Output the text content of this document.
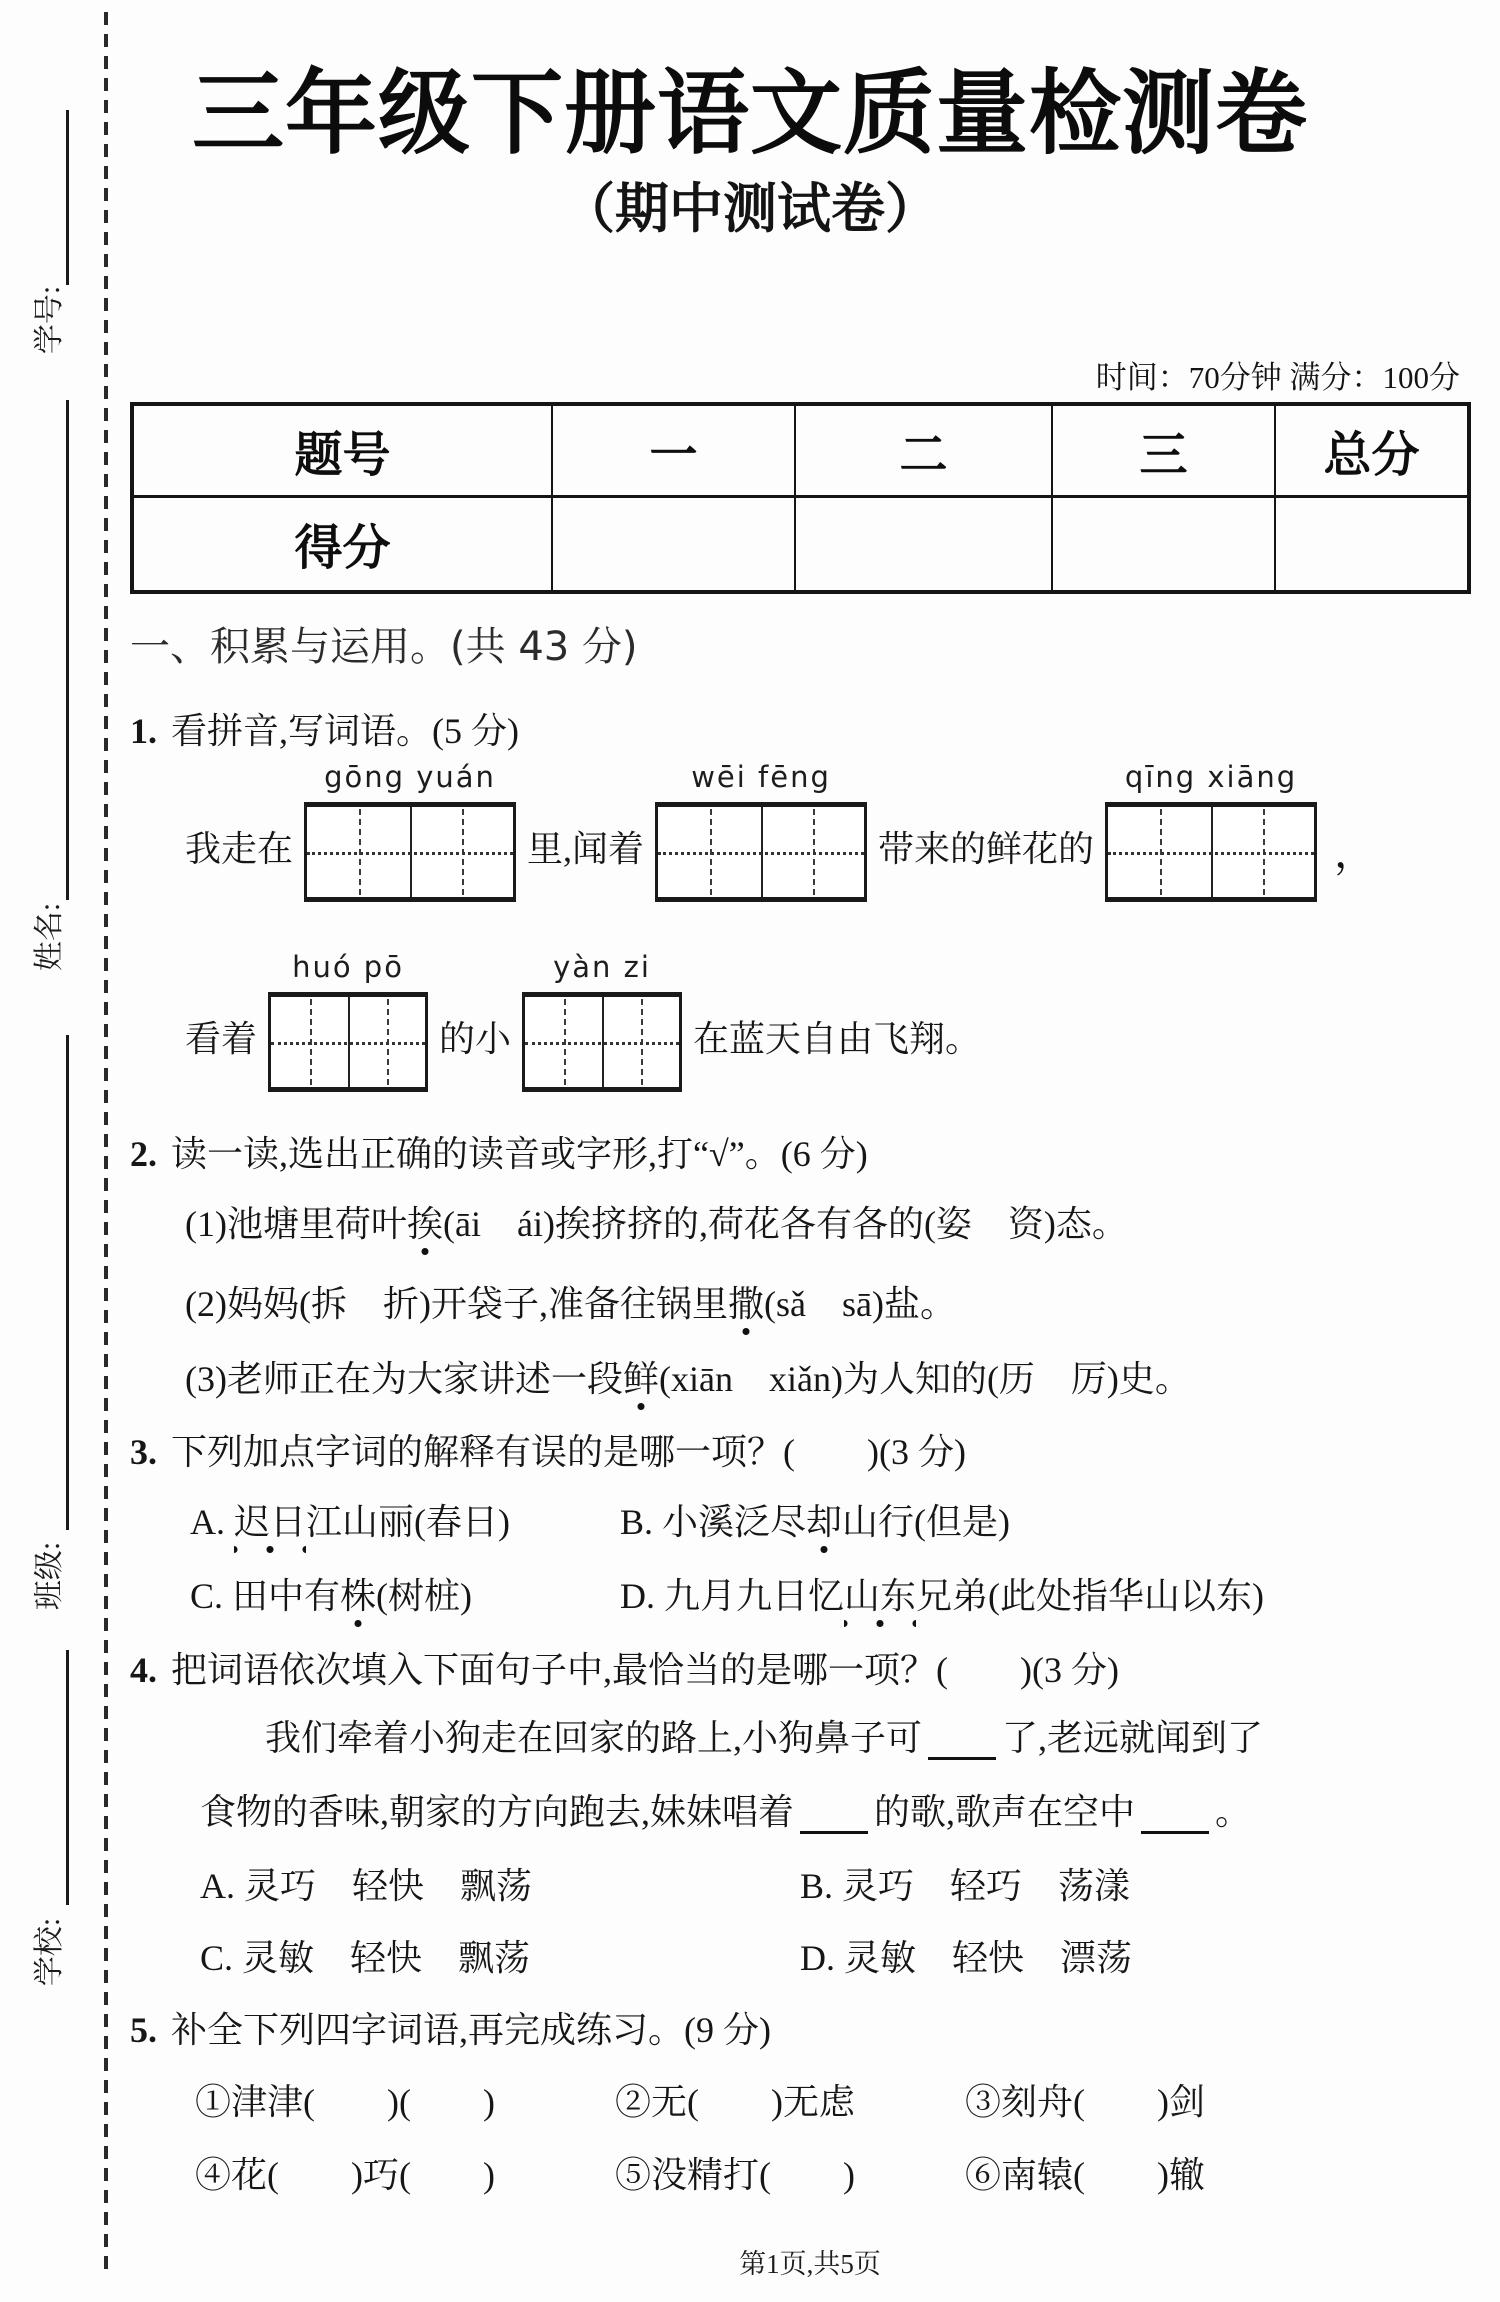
学号:
姓名:
班级:
学校:
三年级下册语文质量检测卷
（期中测试卷）
时间：70分钟 满分：100分
题号	一	二	三	总分
得分				
一、积累与运用。(共 43 分)
1. 看拼音,写词语。(5 分)
我走在
gōng yuán
里,闻着
wēi fēng
带来的鲜花的
qīng xiāng
，
看着
huó pō
的小
yàn zi
在蓝天自由飞翔。
2. 读一读,选出正确的读音或字形,打“√”。(6 分)
(1)池塘里荷叶挨(āi　ái)挨挤挤的,荷花各有各的(姿　资)态。
(2)妈妈(拆　折)开袋子,准备往锅里撒(sǎ　sā)盐。
(3)老师正在为大家讲述一段鲜(xiān　xiǎn)为人知的(历　厉)史。
3. 下列加点字词的解释有误的是哪一项？(　　)(3 分)
A. 迟日江山丽(春日)	B. 小溪泛尽却山行(但是)
C. 田中有株(树桩)	D. 九月九日忆山东兄弟(此处指华山以东)
4. 把词语依次填入下面句子中,最恰当的是哪一项？(　　)(3 分)
我们牵着小狗走在回家的路上,小狗鼻子可 了,老远就闻到了
食物的香味,朝家的方向跑去,妹妹唱着 的歌,歌声在空中 。
A. 灵巧　轻快　飘荡	B. 灵巧　轻巧　荡漾
C. 灵敏　轻快　飘荡	D. 灵敏　轻快　漂荡
5. 补全下列四字词语,再完成练习。(9 分)
①津津(　　)(　　)	②无(　　)无虑	③刻舟(　　)剑
④花(　　)巧(　　)	⑤没精打(　　)	⑥南辕(　　)辙
第1页,共5页
